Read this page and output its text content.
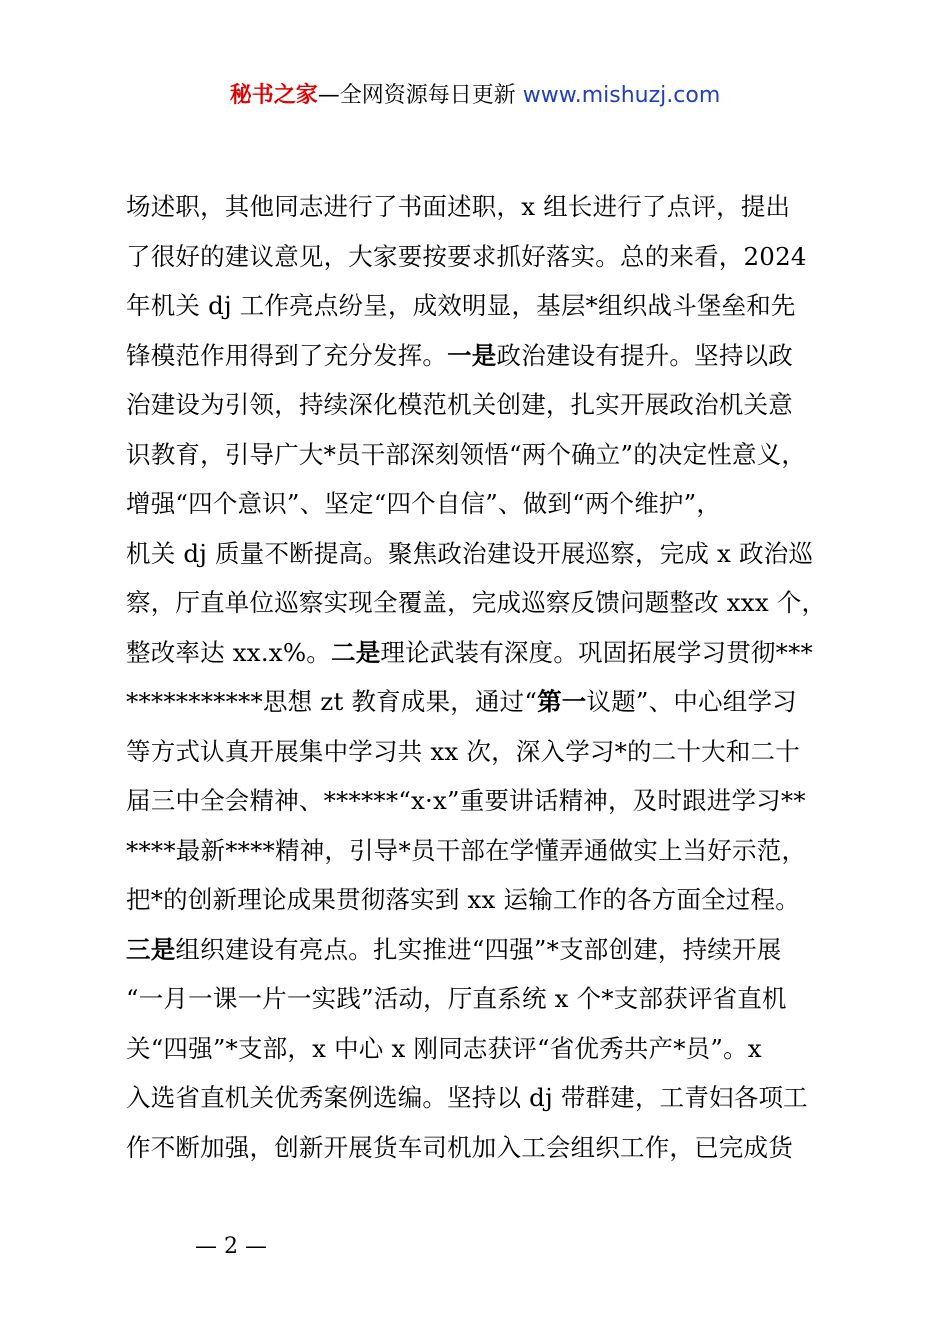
秘书之家—全网资源每日更新 www.mishuzj.com
场述职，其他同志进行了书面述职，x 组长进行了点评，提出
了很好的建议意见，大家要按要求抓好落实。总的来看，2024
年机关 dj 工作亮点纷呈，成效明显，基层*组织战斗堡垒和先
锋模范作用得到了充分发挥。一是政治建设有提升。坚持以政
治建设为引领，持续深化模范机关创建，扎实开展政治机关意
识教育，引导广大*员干部深刻领悟“两个确立”的决定性意义，
增强“四个意识”、坚定“四个自信”、做到“两个维护”，
机关 dj 质量不断提高。聚焦政治建设开展巡察，完成 x 政治巡
察，厅直单位巡察实现全覆盖，完成巡察反馈问题整改 xxx 个，
整改率达 xx.x%。二是理论武装有深度。巩固拓展学习贯彻***
***********思想 zt 教育成果，通过“第一议题”、中心组学习
等方式认真开展集中学习共 xx 次，深入学习*的二十大和二十
届三中全会精神、******“x·x”重要讲话精神，及时跟进学习**
****最新****精神，引导*员干部在学懂弄通做实上当好示范，
把*的创新理论成果贯彻落实到 xx 运输工作的各方面全过程。
三是组织建设有亮点。扎实推进“四强”*支部创建，持续开展
“一月一课一片一实践”活动，厅直系统 x 个*支部获评省直机
关“四强”*支部，x 中心 x 刚同志获评“省优秀共产*员”。x
入选省直机关优秀案例选编。坚持以 dj 带群建，工青妇各项工
作不断加强，创新开展货车司机加入工会组织工作，已完成货
— 2 —
